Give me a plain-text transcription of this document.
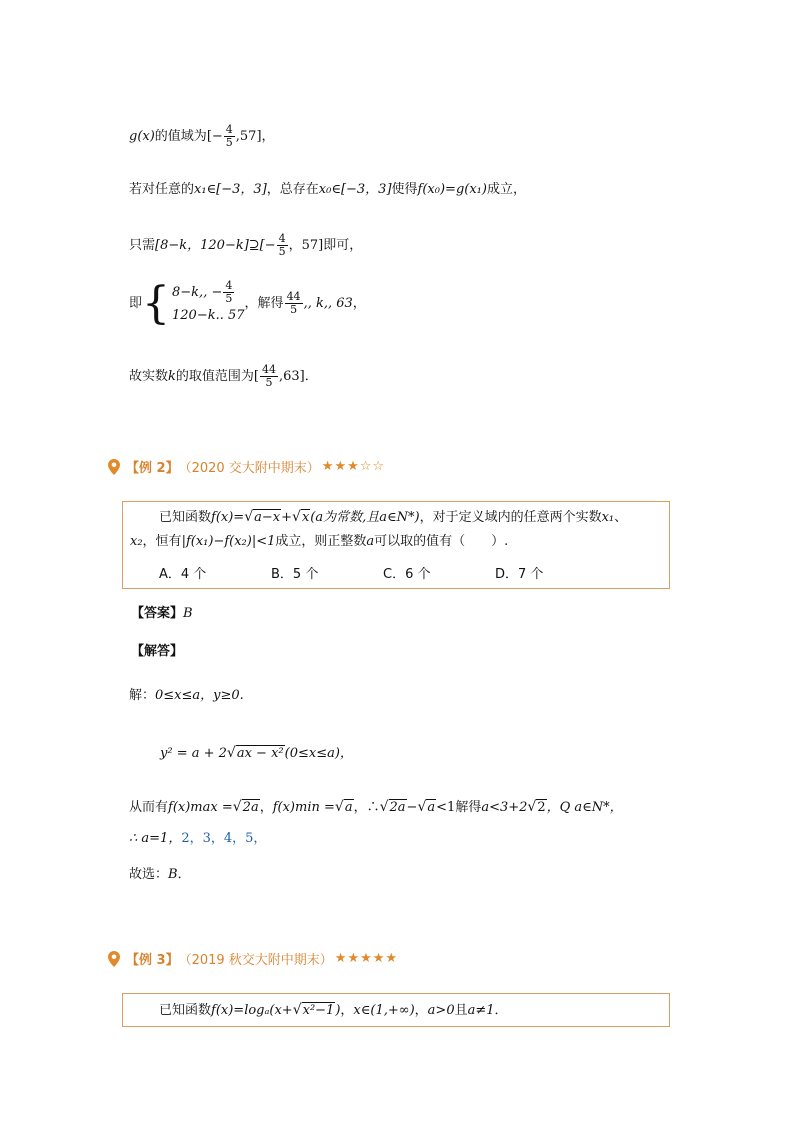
g(x)的值域为[− $\frac{4}{5} ,57$]，
若对任意的x₁∈[−3，3]，总存在x₀∈[−3，3]使得f(x₀)=g(x₁)成立，
只需[8−k，120−k]⊇[− $\frac{4}{5}$ ，57]即可，
即{ 8−k,, − $\frac{4}{5}$
120−k.. 57
，解得 $\frac{44}{5}$ ,, k,, 63，
故实数k的取值范围为[ $\frac{44}{5} ,63$]．
【例 2】 （2020 交大附中期末） ★★★☆☆
已知函数f(x)=√a−x+√x(a为常数,且a∈N*)，对于定义域内的任意两个实数x₁、
x₂，恒有|f(x₁)−f(x₂)|<1成立，则正整数a可以取的值有（　　）.
A．4 个	B．5 个	C．6 个	D．7 个
【答案】B
【解答】
解：0≤x≤a，y≥0.
y² = a + 2√ax − x²(0≤x≤a)，
从而有f(x)max =√2a，f(x)min =√a，∴√2a−√a<1解得a<3+2√2，Q a∈N*，
∴ a=1，2，3，4，5，
故选：B．
【例 3】 （2019 秋交大附中期末） ★★★★★
已知函数f(x)=logₐ(x+√x²−1)，x∈(1,+∞)，a>0且a≠1．
